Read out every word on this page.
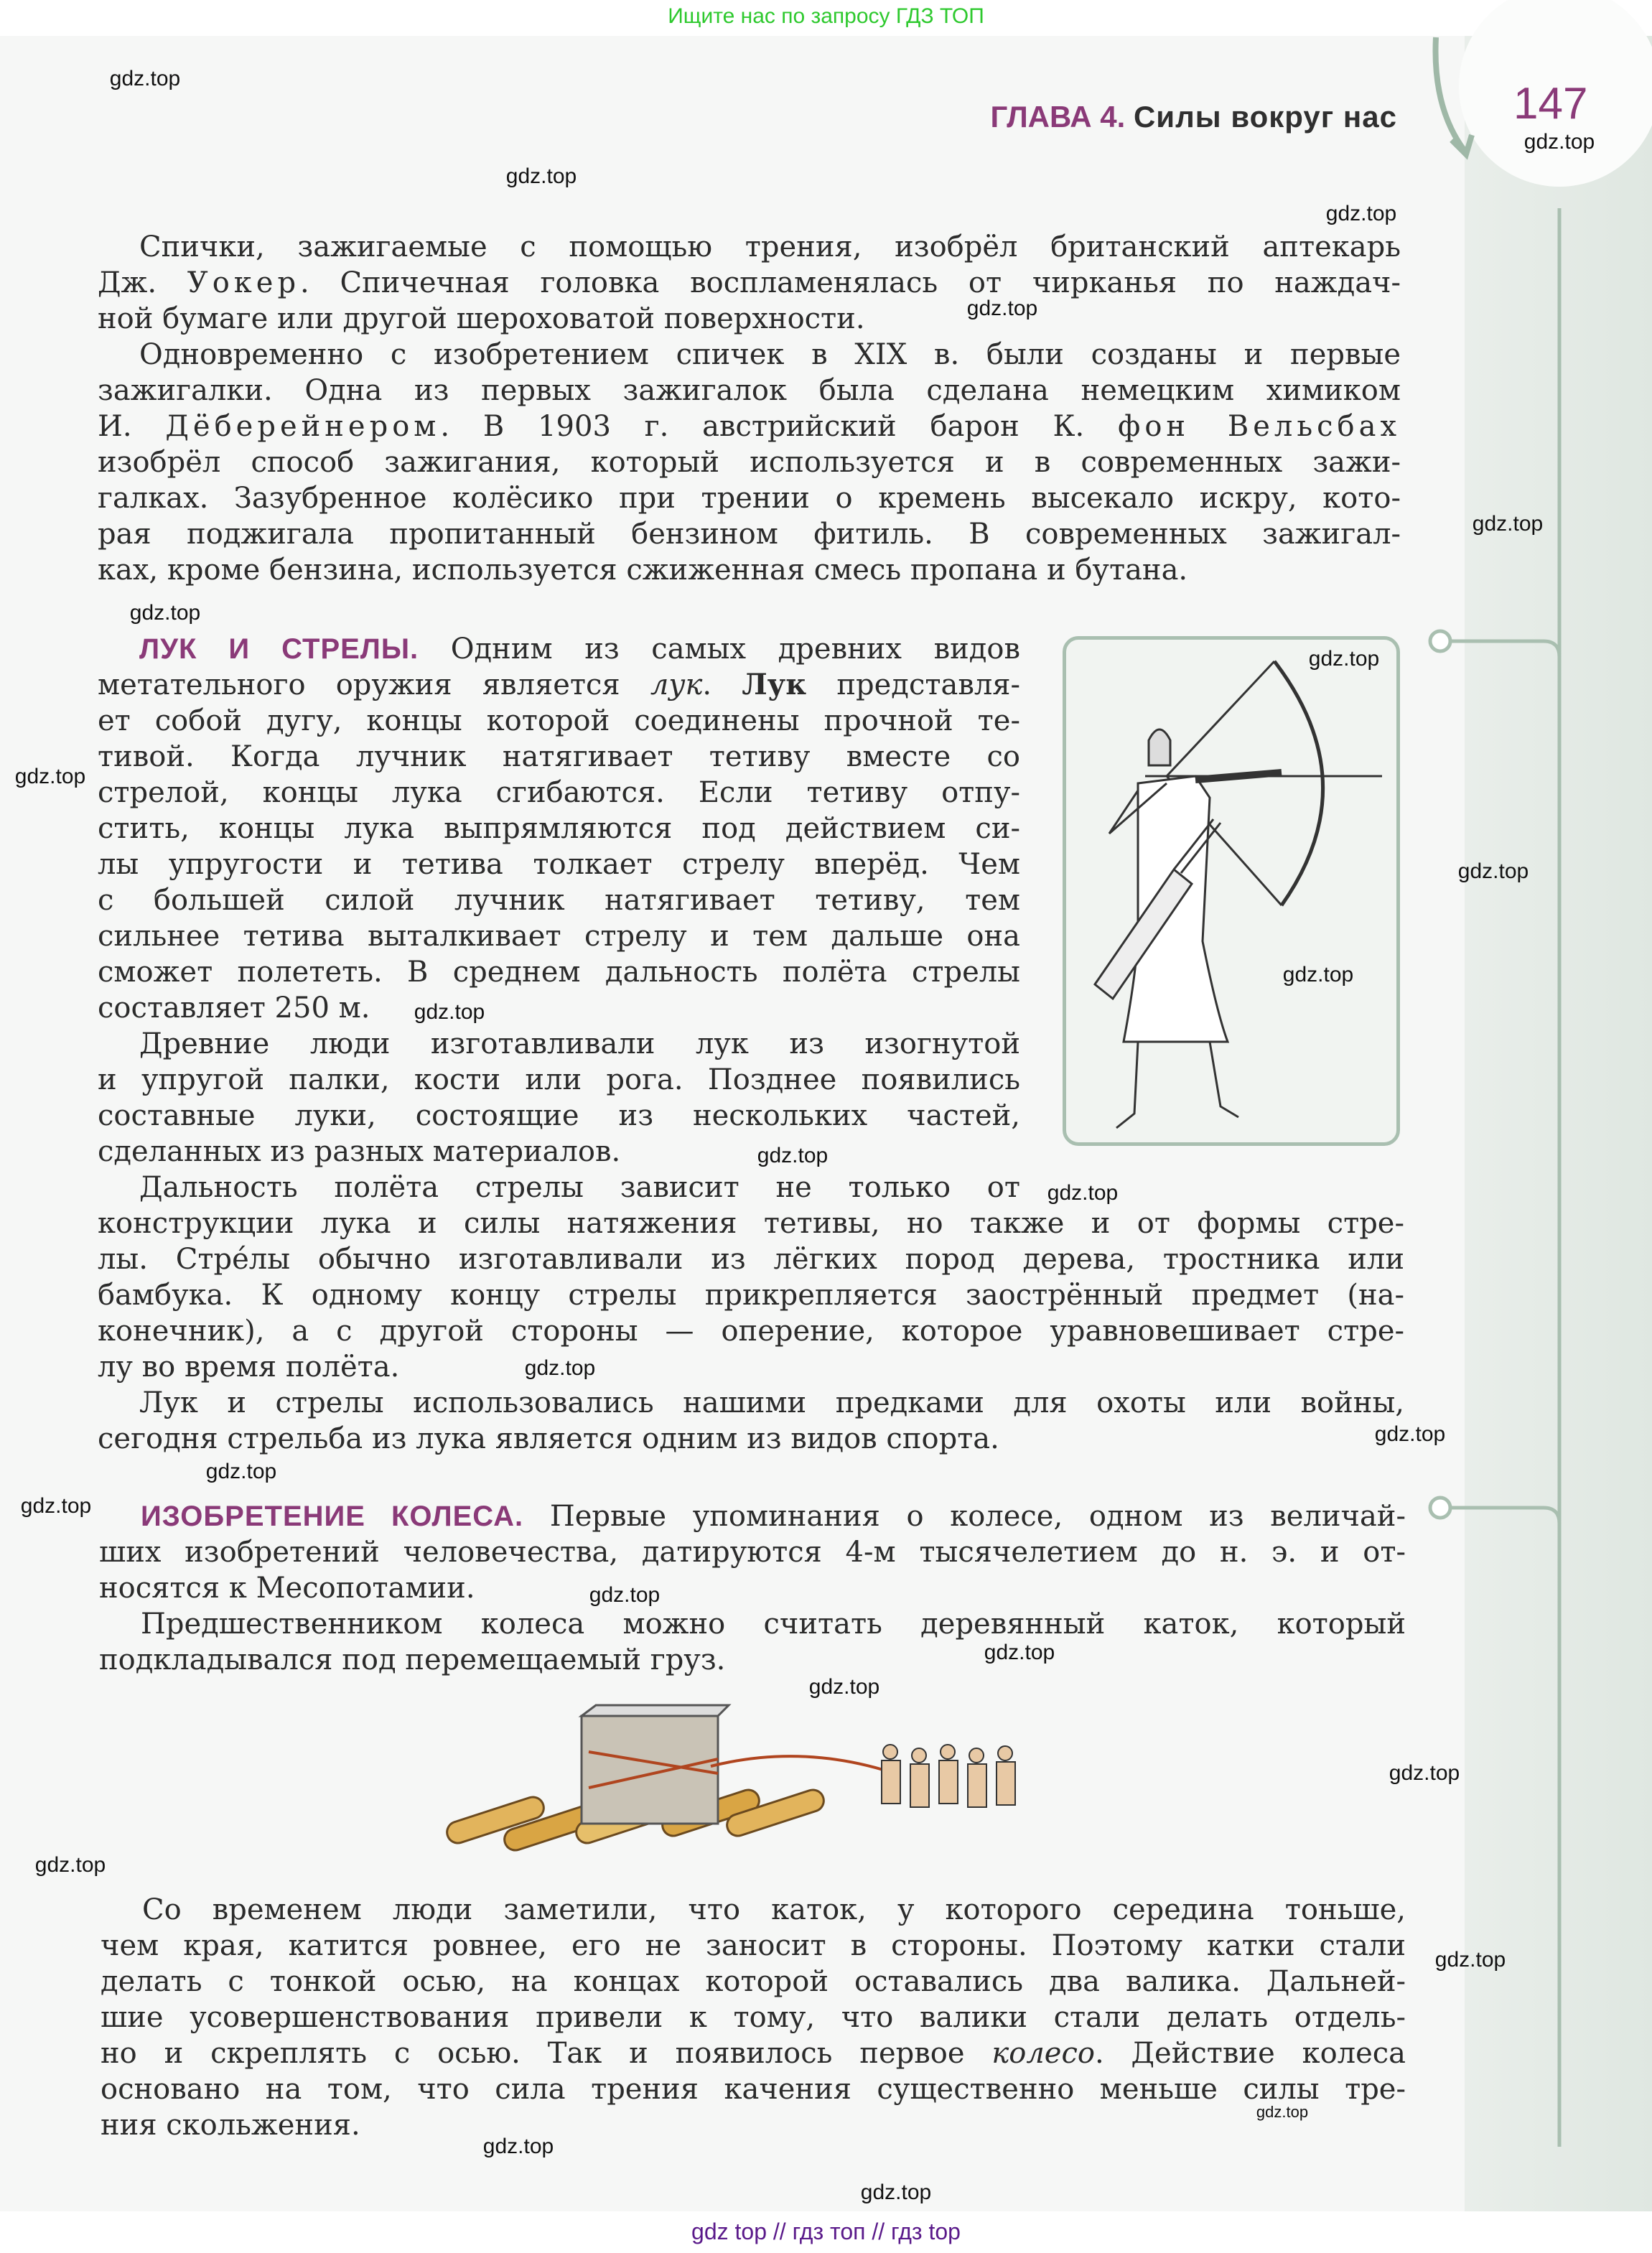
Ищите нас по запросу ГДЗ ТОП
ГЛАВА 4. Силы вокруг нас	147
Спички, зажигаемые с помощью трения, изобрёл британский аптекарь
Дж. Уокер. Спичечная головка воспламенялась от чирканья по наждач-
ной бумаге или другой шероховатой поверхности.
Одновременно с изобретением спичек в XIX в. были созданы и первые
зажигалки. Одна из первых зажигалок была сделана немецким химиком
И. Дёберейнером. В 1903 г. австрийский барон К. фон Вельсбах
изобрёл способ зажигания, который используется и в современных зажи-
галках. Зазубренное колёсико при трении о кремень высекало искру, кото-
рая поджигала пропитанный бензином фитиль. В современных зажигал-
ках, кроме бензина, используется сжиженная смесь пропана и бутана.
ЛУК И СТРЕЛЫ. Одним из самых древних видов
метательного оружия является лук. Лук представля-
ет собой дугу, концы которой соединены прочной те-
тивой. Когда лучник натягивает тетиву вместе со
стрелой, концы лука сгибаются. Если тетиву отпу-
стить, концы лука выпрямляются под действием си-
лы упругости и тетива толкает стрелу вперёд. Чем
с большей силой лучник натягивает тетиву, тем
сильнее тетива выталкивает стрелу и тем дальше она
сможет полететь. В среднем дальность полёта стрелы
составляет 250 м.
Древние люди изготавливали лук из изогнутой
и упругой палки, кости или рога. Позднее появились
составные луки, состоящие из нескольких частей,
сделанных из разных материалов.
Дальность полёта стрелы зависит не только от
конструкции лука и силы натяжения тетивы, но также и от формы стре-
лы. Стрéлы обычно изготавливали из лёгких пород дерева, тростника или
бамбука. К одному концу стрелы прикрепляется заострённый предмет (на-
конечник), а с другой стороны — оперение, которое уравновешивает стре-
лу во время полёта.
Лук и стрелы использовались нашими предками для охоты или войны,
сегодня стрельба из лука является одним из видов спорта.
ИЗОБРЕТЕНИЕ КОЛЕСА. Первые упоминания о колесе, одном из величай-
ших изобретений человечества, датируются 4-м тысячелетием до н. э. и от-
носятся к Месопотамии.
Предшественником колеса можно считать деревянный каток, который
подкладывался под перемещаемый груз.
Со временем люди заметили, что каток, у которого середина тоньше,
чем края, катится ровнее, его не заносит в стороны. Поэтому катки стали
делать с тонкой осью, на концах которой оставались два валика. Дальней-
шие усовершенствования привели к тому, что валики стали делать отдель-
но и скреплять с осью. Так и появилось первое колесо. Действие колеса
основано на том, что сила трения качения существенно меньше силы тре-
ния скольжения.
gdz.top
gdz.top
gdz.top
gdz.top
gdz.top
gdz.top
gdz.top
gdz.top
gdz.top
gdz.top
gdz.top
gdz.top
gdz.top
gdz.top
gdz.top
gdz.top
gdz.top
gdz.top
gdz.top
gdz.top
gdz.top
gdz.top
gdz.top
gdz.top
gdz.top
gdz.top
gdz.top
gdz top // гдз топ // гдз top
